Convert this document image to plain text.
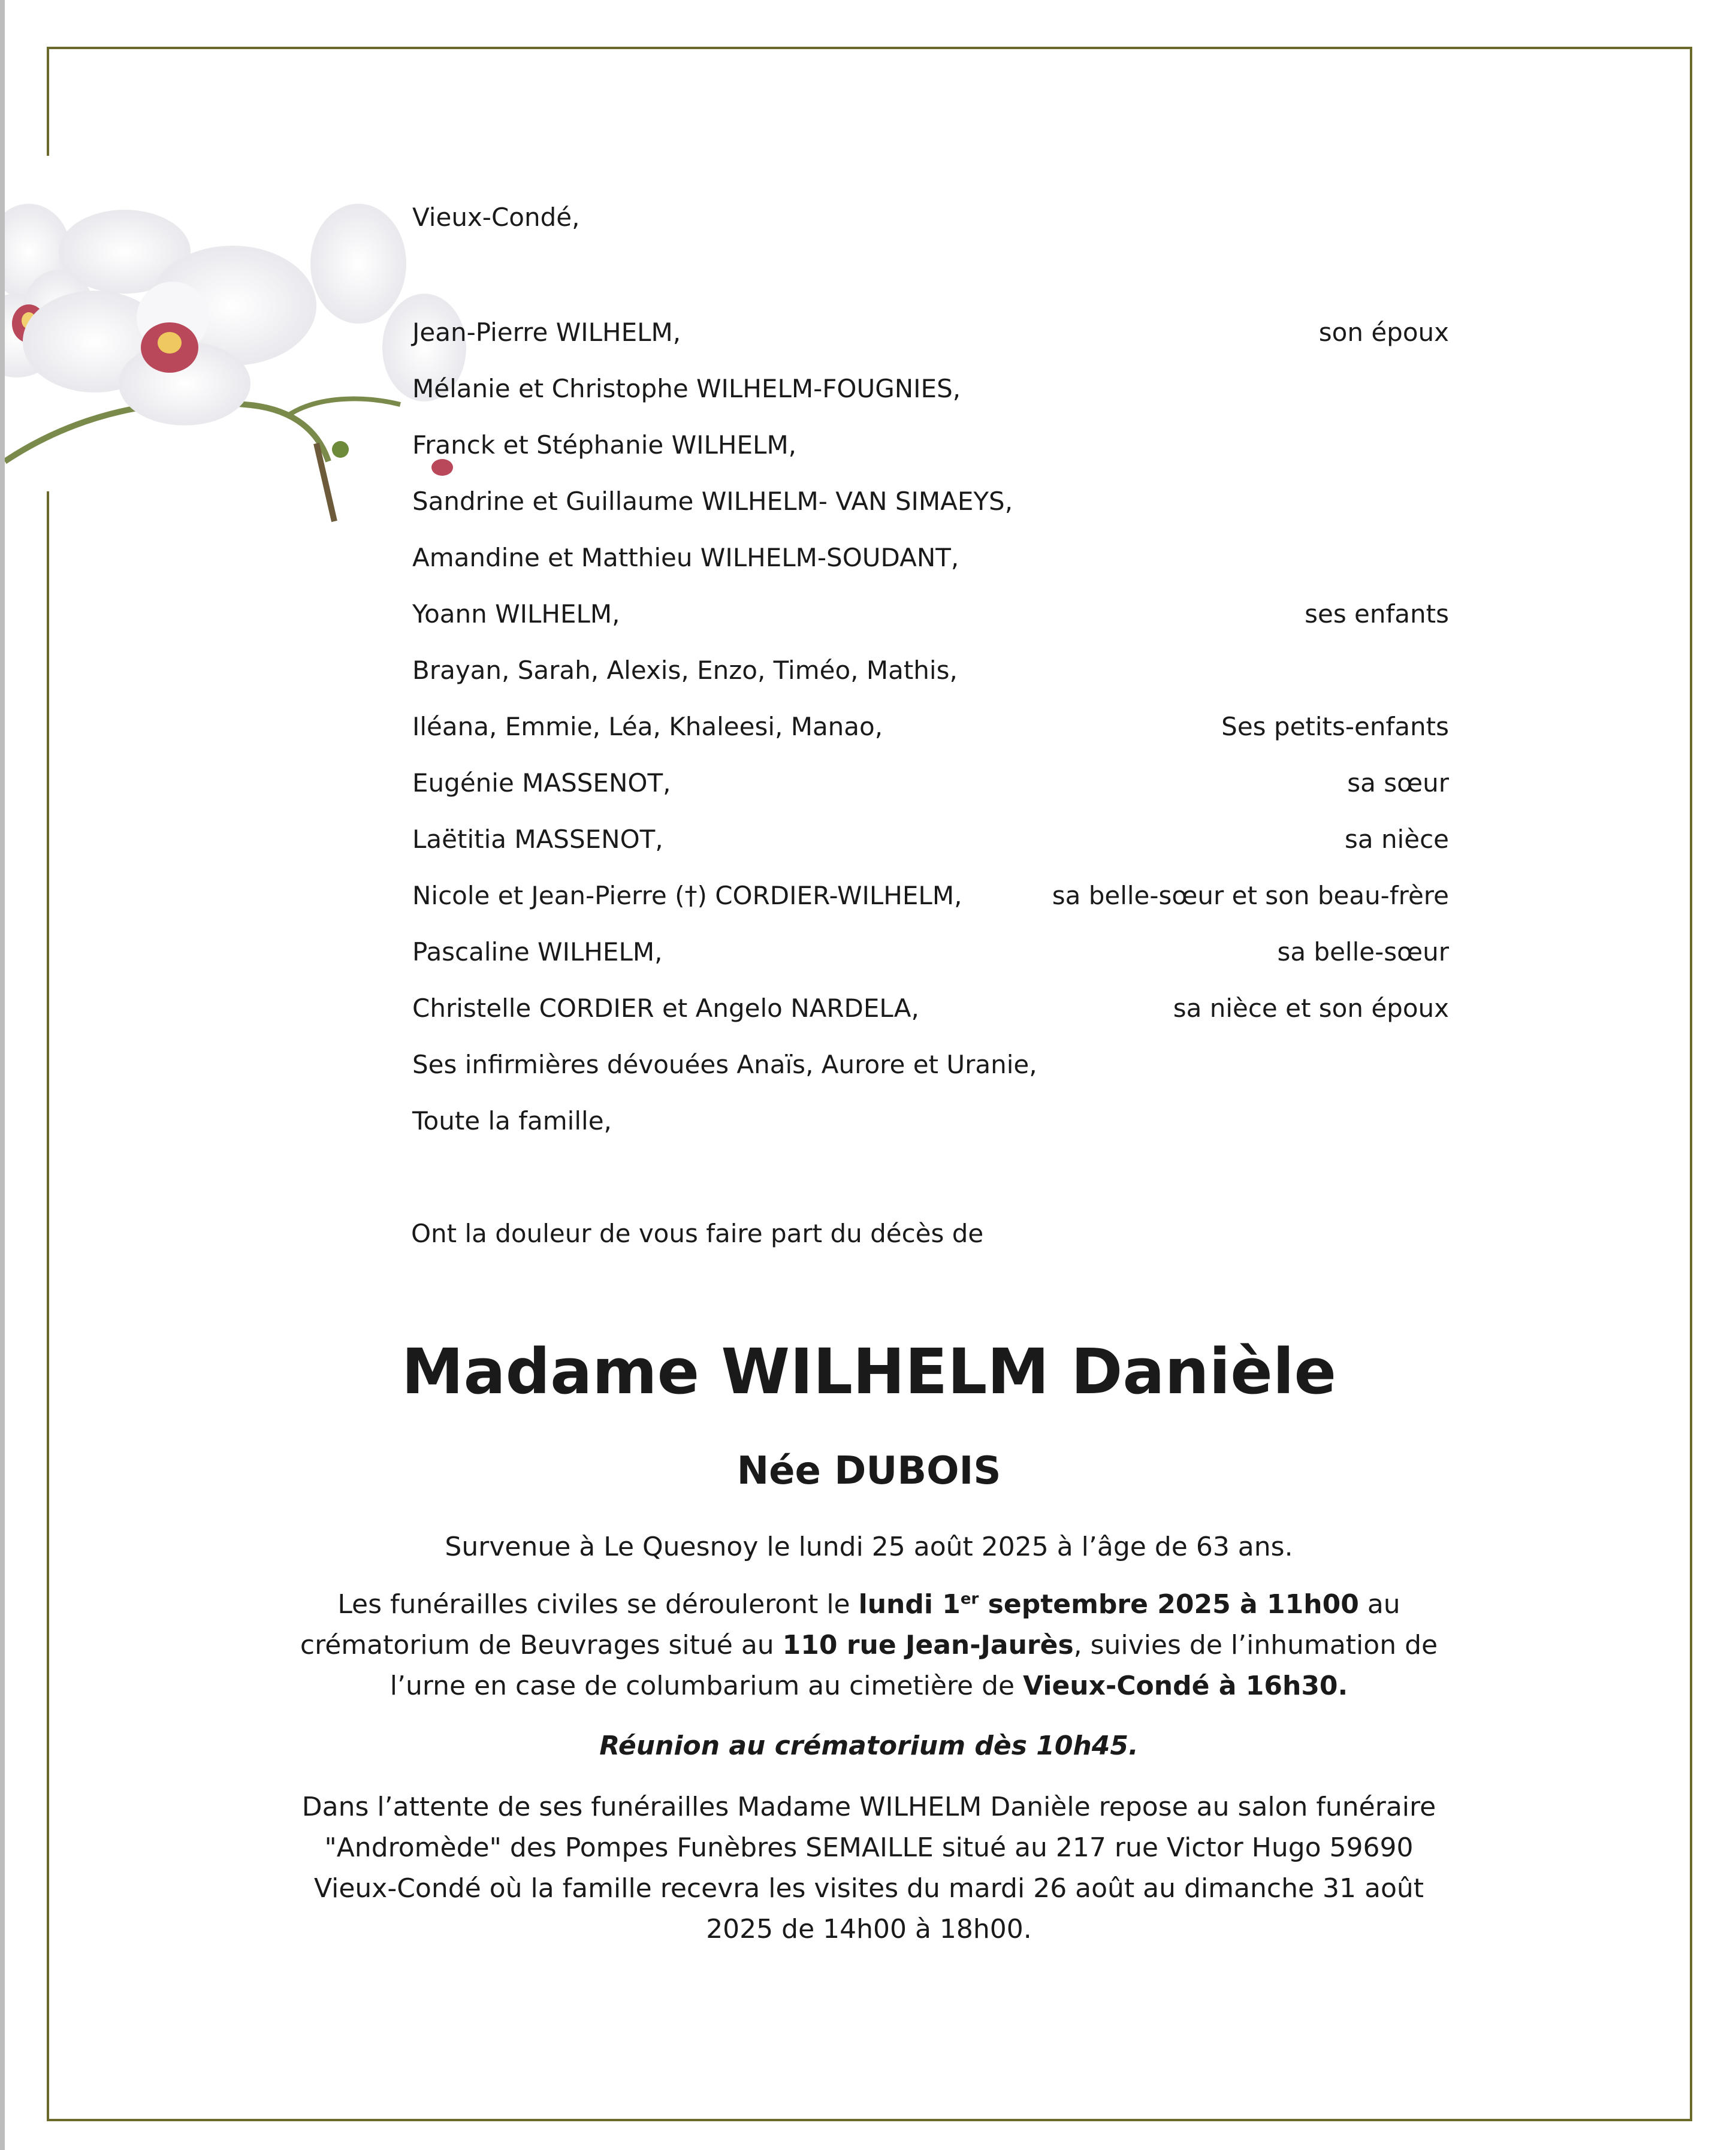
Vieux-Condé,
Jean-Pierre WILHELM,	son époux
Mélanie et Christophe WILHELM-FOUGNIES,
Franck et Stéphanie WILHELM,
Sandrine et Guillaume WILHELM- VAN SIMAEYS,
Amandine et Matthieu WILHELM-SOUDANT,
Yoann WILHELM,	ses enfants
Brayan, Sarah, Alexis, Enzo, Timéo, Mathis,
Iléana, Emmie, Léa, Khaleesi, Manao,	Ses petits-enfants
Eugénie MASSENOT,	sa sœur
Laëtitia MASSENOT,	sa nièce
Nicole et Jean-Pierre (†) CORDIER-WILHELM,	sa belle-sœur et son beau-frère
Pascaline WILHELM,	sa belle-sœur
Christelle CORDIER et Angelo NARDELA,	sa nièce et son époux
Ses infirmières dévouées Anaïs, Aurore et Uranie,
Toute la famille,
Ont la douleur de vous faire part du décès de
Madame WILHELM Danièle
Née DUBOIS
Survenue à Le Quesnoy le lundi 25 août 2025 à l’âge de 63 ans.
Les funérailles civiles se dérouleront le lundi 1er septembre 2025 à 11h00 au crématorium de Beuvrages situé au 110 rue Jean-Jaurès, suivies de l’inhumation de l’urne en case de columbarium au cimetière de Vieux-Condé à 16h30.
Réunion au crématorium dès 10h45.
Dans l’attente de ses funérailles Madame WILHELM Danièle repose au salon funéraire "Andromède" des Pompes Funèbres SEMAILLE situé au 217 rue Victor Hugo 59690 Vieux-Condé où la famille recevra les visites du mardi 26 août au dimanche 31 août 2025 de 14h00 à 18h00.
